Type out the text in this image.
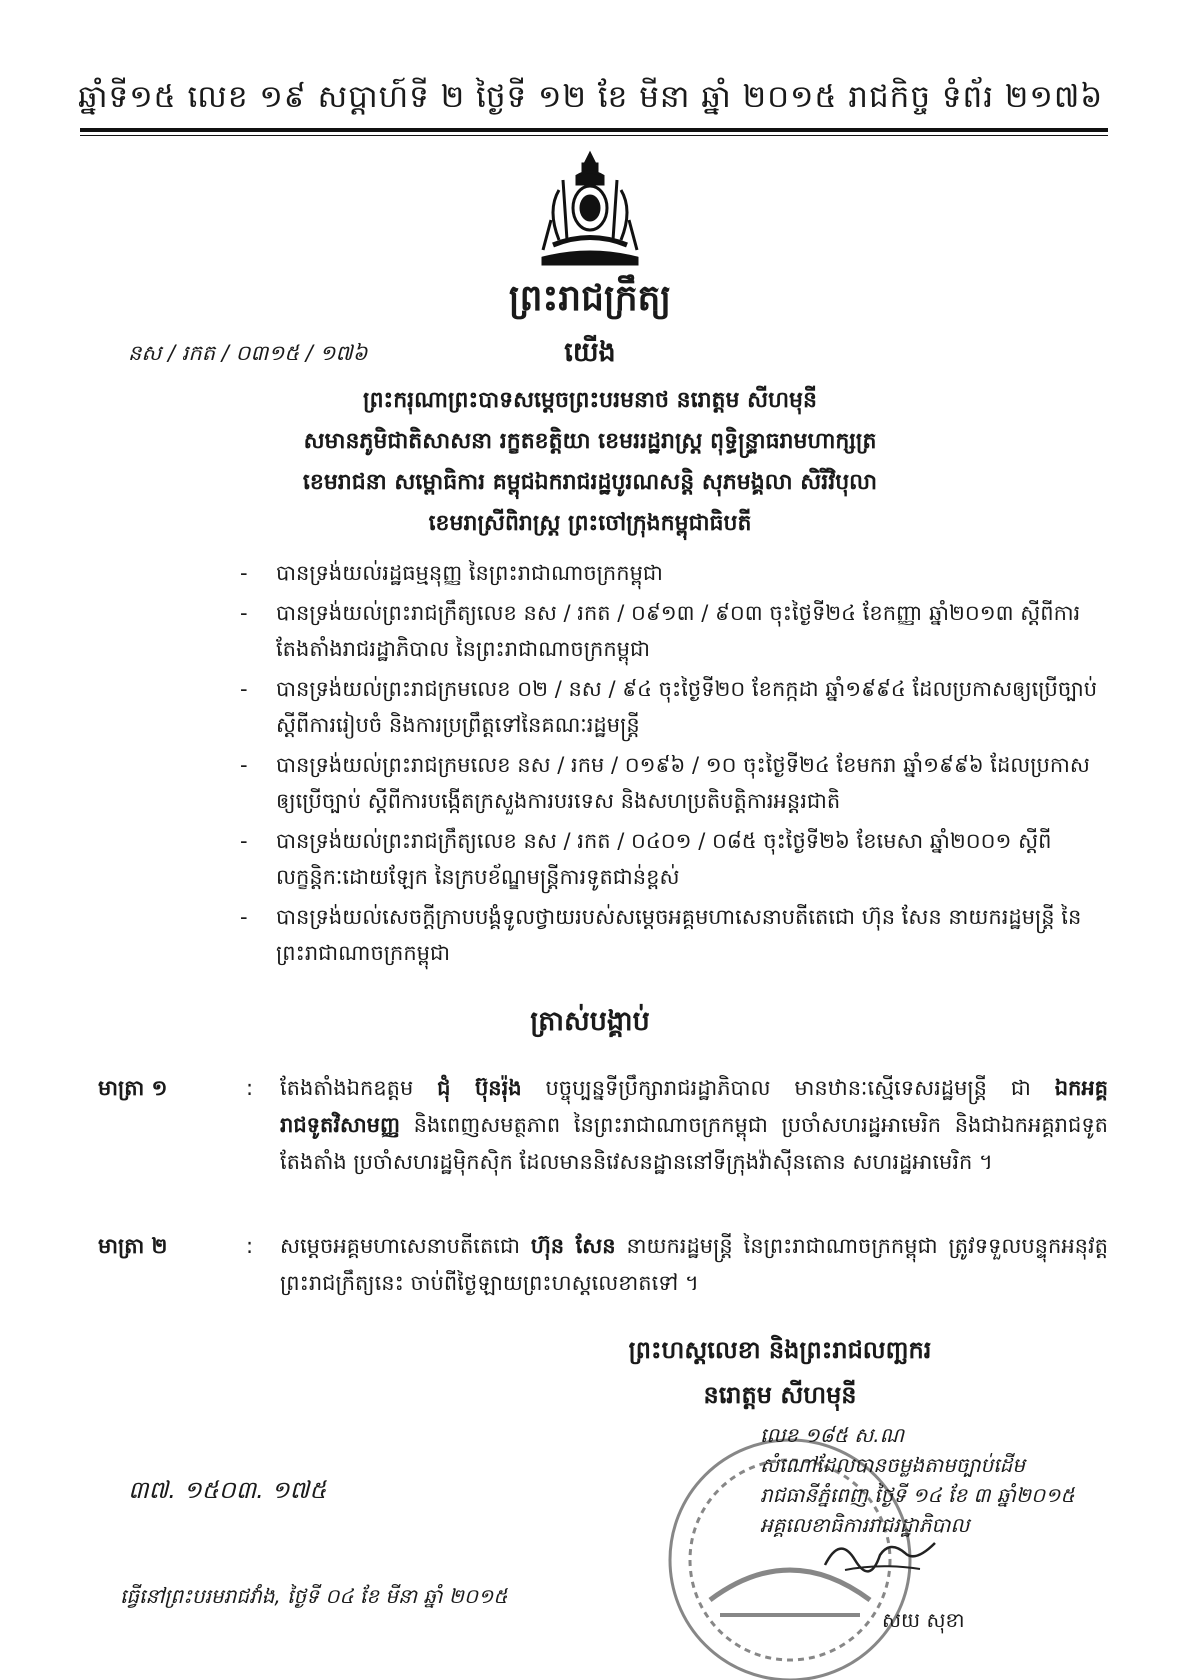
ឆ្នាំទី១៥ លេខ ១៩ សប្តាហ៍ទី ២ ថ្ងៃទី ១២ ខែ មីនា ឆ្នាំ ២០១៥ រាជកិច្ច ទំព័រ ២១៧៦
ព្រះរាជក្រឹត្យ
នស / រកត / ០៣១៥ / ១៧៦	យើង
ព្រះករុណាព្រះបាទសម្តេចព្រះបរមនាថ នរោត្តម សីហមុនី
សមានភូមិជាតិសាសនា រក្ខតខត្តិយា ខេមររដ្ឋរាស្ត្រ ពុទ្ធិន្ទ្រាធរាមហាក្សត្រ
ខេមរាជនា សម្ពោធិការ គម្ពុជឯករាជរដ្ឋបូរណសន្តិ សុភមង្គលា សិរីវិបុលា
ខេមរាស្រីពិរាស្ត្រ ព្រះចៅក្រុងកម្ពុជាធិបតី
- បានទ្រង់យល់រដ្ឋធម្មនុញ្ញ នៃព្រះរាជាណាចក្រកម្ពុជា
- បានទ្រង់យល់ព្រះរាជក្រឹត្យលេខ នស / រកត / ០៩១៣ / ៩០៣ ចុះថ្ងៃទី២៤ ខែកញ្ញា ឆ្នាំ២០១៣ ស្តីពីការតែងតាំងរាជរដ្ឋាភិបាល នៃព្រះរាជាណាចក្រកម្ពុជា
- បានទ្រង់យល់ព្រះរាជក្រមលេខ ០២ / នស / ៩៤ ចុះថ្ងៃទី២០ ខែកក្កដា ឆ្នាំ១៩៩៤ ដែលប្រកាសឲ្យប្រើច្បាប់ ស្តីពីការរៀបចំ និងការប្រព្រឹត្តទៅនៃគណៈរដ្ឋមន្ត្រី
- បានទ្រង់យល់ព្រះរាជក្រមលេខ នស / រកម / ០១៩៦ / ១០ ចុះថ្ងៃទី២៤ ខែមករា ឆ្នាំ១៩៩៦ ដែលប្រកាសឲ្យប្រើច្បាប់ ស្តីពីការបង្កើតក្រសួងការបរទេស និងសហប្រតិបត្តិការអន្តរជាតិ
- បានទ្រង់យល់ព្រះរាជក្រឹត្យលេខ នស / រកត / ០៤០១ / ០៨៥ ចុះថ្ងៃទី២៦ ខែមេសា ឆ្នាំ២០០១ ស្តីពីលក្ខន្តិកៈដោយឡែក នៃក្របខ័ណ្ឌមន្ត្រីការទូតជាន់ខ្ពស់
- បានទ្រង់យល់សេចក្តីក្រាបបង្គំទូលថ្វាយរបស់សម្តេចអគ្គមហាសេនាបតីតេជោ ហ៊ុន សែន នាយករដ្ឋមន្ត្រី នៃព្រះរាជាណាចក្រកម្ពុជា
ត្រាស់បង្គាប់
មាត្រា ១	: តែងតាំងឯកឧត្តម ជុំ ប៊ុនរ៉ុង បច្ចុប្បន្នទីប្រឹក្សារាជរដ្ឋាភិបាល មានឋានៈស្មើទេសរដ្ឋមន្ត្រី ជា ឯកអគ្គរាជទូតវិសាមញ្ញ និងពេញសមត្ថភាព នៃព្រះរាជាណាចក្រកម្ពុជា ប្រចាំសហរដ្ឋអាមេរិក និងជាឯកអគ្គរាជទូតតែងតាំង ប្រចាំសហរដ្ឋម៉ិកស៊ិក ដែលមាននិវេសនដ្ឋាននៅទីក្រុងវ៉ាស៊ីនតោន សហរដ្ឋអាមេរិក ។
មាត្រា ២	: សម្តេចអគ្គមហាសេនាបតីតេជោ ហ៊ុន សែន នាយករដ្ឋមន្ត្រី នៃព្រះរាជាណាចក្រកម្ពុជា ត្រូវទទួលបន្ទុកអនុវត្តព្រះរាជក្រឹត្យនេះ ចាប់ពីថ្ងៃឡាយព្រះហស្តលេខាតទៅ ។
ព្រះហស្តលេខា និងព្រះរាជលញ្ឆករ
នរោត្តម សីហមុនី
លេខ ១៨៥ ស.ណ
សំណៅដែលបានចម្លងតាមច្បាប់ដើម
រាជធានីភ្នំពេញ ថ្ងៃទី ១៤ ខែ ៣ ឆ្នាំ២០១៥
អគ្គលេខាធិការរាជរដ្ឋាភិបាល
សយ សុខា
៣៧. ១៥០៣. ១៧៥
ធ្វើនៅព្រះបរមរាជវាំង, ថ្ងៃទី ០៤ ខែ មីនា ឆ្នាំ ២០១៥
